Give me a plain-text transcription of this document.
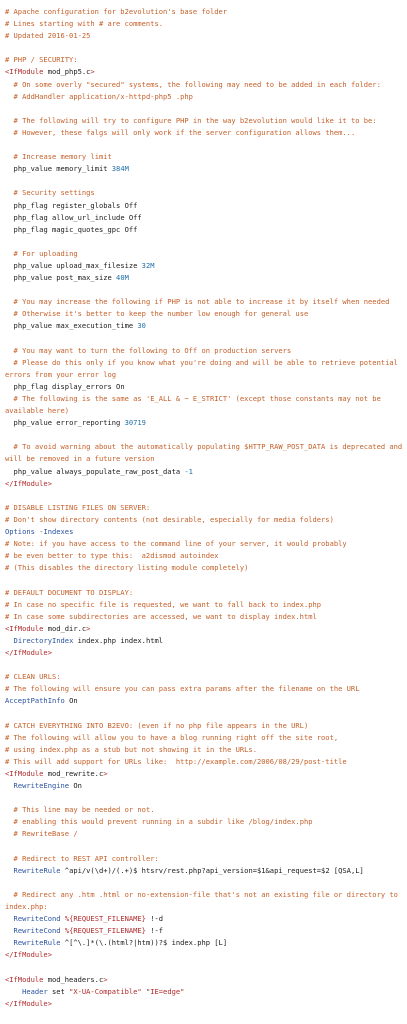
# Apache configuration for b2evolution's base folder
# Lines starting with # are comments.
# Updated 2016-01-25
# PHP / SECURITY:
<IfModule mod_php5.c>
# On some overly "secured" systems, the following may need to be added in each folder:
# AddHandler application/x-httpd-php5 .php
# The following will try to configure PHP in the way b2evolution would like it to be:
# However, these falgs will only work if the server configuration allows them...
# Increase memory limit
php_value memory_limit 384M
# Security settings
php_flag register_globals Off
php_flag allow_url_include Off
php_flag magic_quotes_gpc Off
# For uploading
php_value upload_max_filesize 32M
php_value post_max_size 40M
# You may increase the following if PHP is not able to increase it by itself when needed
# Otherwise it's better to keep the number low enough for general use
php_value max_execution_time 30
# You may want to turn the following to Off on production servers
# Please do this only if you know what you're doing and will be able to retrieve potential errors from your error log
php_flag display_errors On
# The following is the same as 'E_ALL & ~ E_STRICT' (except those constants may not be available here)
php_value error_reporting 30719
# To avoid warning about the automatically populating $HTTP_RAW_POST_DATA is deprecated and will be removed in a future version
php_value always_populate_raw_post_data -1
</IfModule>
# DISABLE LISTING FILES ON SERVER:
# Don't show directory contents (not desirable, especially for media folders)
Options -Indexes
# Note: if you have access to the command line of your server, it would probably
# be even better to type this:  a2dismod autoindex
# (This disables the directory listing module completely)
# DEFAULT DOCUMENT TO DISPLAY:
# In case no specific file is requested, we want to fall back to index.php
# In case some subdirectories are accessed, we want to display index.html
<IfModule mod_dir.c>
DirectoryIndex index.php index.html
</IfModule>
# CLEAN URLS:
# The following will ensure you can pass extra params after the filename on the URL
AcceptPathInfo On
# CATCH EVERYTHING INTO B2EVO: (even if no php file appears in the URL)
# The following will allow you to have a blog running right off the site root,
# using index.php as a stub but not showing it in the URLs.
# This will add support for URLs like:  http://example.com/2006/08/29/post-title
<IfModule mod_rewrite.c>
RewriteEngine On
# This line may be needed or not.
# enabling this would prevent running in a subdir like /blog/index.php
# RewriteBase /
# Redirect to REST API controller:
RewriteRule ^api/v(\d+)/(.+)$ htsrv/rest.php?api_version=$1&api_request=$2 [QSA,L]
# Redirect any .htm .html or no-extension-file that's not an existing file or directory to index.php:
RewriteCond %{REQUEST_FILENAME} !-d
RewriteCond %{REQUEST_FILENAME} !-f
RewriteRule ^[^\.]*(\.(html?|htm))?$ index.php [L]
</IfModule>
<IfModule mod_headers.c>
Header set "X-UA-Compatible" "IE=edge"
</IfModule>
